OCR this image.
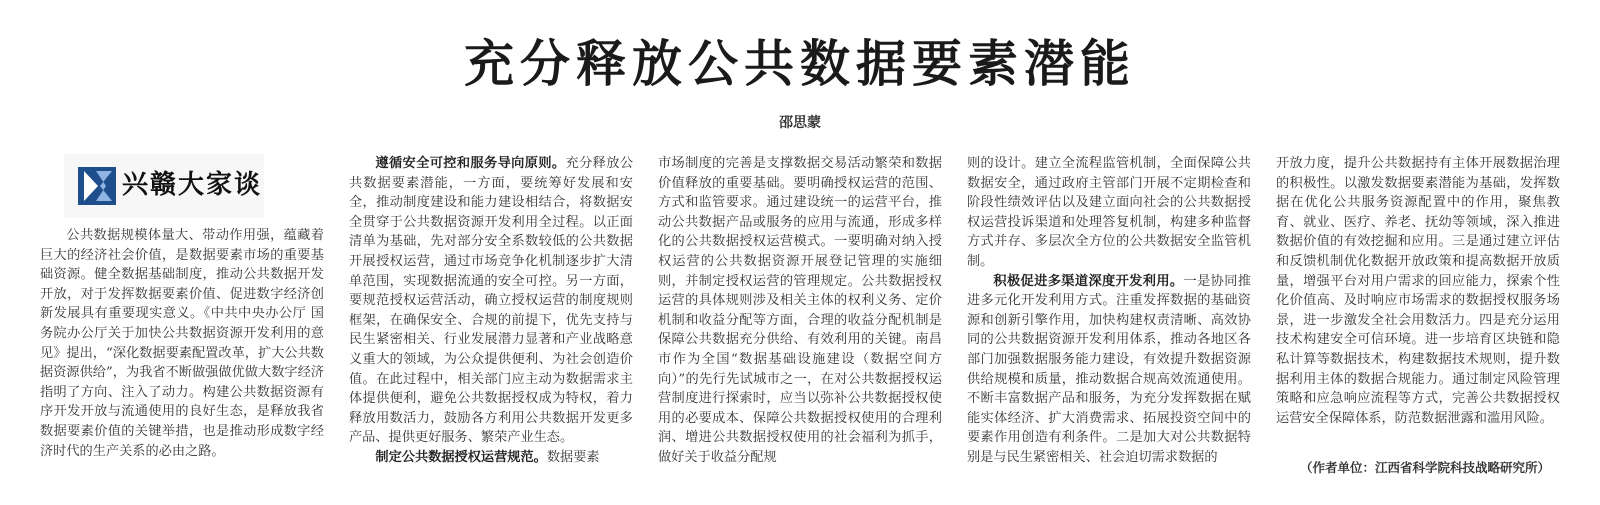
充分释放公共数据要素潜能
邵思蒙
兴赣大家谈

公共数据规模体量大、带动作用强，蕴藏着巨大的经济社会价值，是数据要素市场的重要基础资源。健全数据基础制度，推动公共数据开发开放，对于发挥数据要素价值、促进数字经济创新发展具有重要现实意义。《中共中央办公厅 国务院办公厅关于加快公共数据资源开发利用的意见》提出，“深化数据要素配置改革，扩大公共数据资源供给”，为我省不断做强做优做大数字经济指明了方向、注入了动力。构建公共数据资源有序开发开放与流通使用的良好生态，是释放我省数据要素价值的关键举措，也是推动形成数字经济时代的生产关系的必由之路。

遵循安全可控和服务导向原则。充分释放公共数据要素潜能，一方面，要统筹好发展和安全，推动制度建设和能力建设相结合，将数据安全贯穿于公共数据资源开发利用全过程。以正面清单为基础，先对部分安全系数较低的公共数据开展授权运营，通过市场竞争化机制逐步扩大清单范围，实现数据流通的安全可控。另一方面，要规范授权运营活动，确立授权运营的制度规则框架，在确保安全、合规的前提下，优先支持与民生紧密相关、行业发展潜力显著和产业战略意义重大的领域，为公众提供便利、为社会创造价值。在此过程中，相关部门应主动为数据需求主体提供便利，避免公共数据授权成为特权，着力释放用数活力，鼓励各方利用公共数据开发更多产品、提供更好服务、繁荣产业生态。

制定公共数据授权运营规范。数据要素

市场制度的完善是支撑数据交易活动繁荣和数据价值释放的重要基础。要明确授权运营的范围、方式和监管要求。通过建设统一的运营平台，推动公共数据产品或服务的应用与流通，形成多样化的公共数据授权运营模式。一要明确对纳入授权运营的公共数据资源开展登记管理的实施细则，并制定授权运营的管理规定。公共数据授权运营的具体规则涉及相关主体的权利义务、定价机制和收益分配等方面，合理的收益分配机制是保障公共数据充分供给、有效利用的关键。南昌市作为全国“数据基础设施建设（数据空间方向）”的先行先试城市之一，在对公共数据授权运营制度进行探索时，应当以弥补公共数据授权使用的必要成本、保障公共数据授权使用的合理利润、增进公共数据授权使用的社会福利为抓手，做好关于收益分配规

则的设计。建立全流程监管机制，全面保障公共数据安全，通过政府主管部门开展不定期检查和阶段性绩效评估以及建立面向社会的公共数据授权运营投诉渠道和处理答复机制，构建多种监督方式并存、多层次全方位的公共数据安全监管机制。

积极促进多渠道深度开发利用。一是协同推进多元化开发利用方式。注重发挥数据的基础资源和创新引擎作用，加快构建权责清晰、高效协同的公共数据资源开发利用体系，推动各地区各部门加强数据服务能力建设，有效提升数据资源供给规模和质量，推动数据合规高效流通使用。不断丰富数据产品和服务，为充分发挥数据在赋能实体经济、扩大消费需求、拓展投资空间中的要素作用创造有利条件。二是加大对公共数据特别是与民生紧密相关、社会迫切需求数据的

开放力度，提升公共数据持有主体开展数据治理的积极性。以激发数据要素潜能为基础，发挥数据在优化公共服务资源配置中的作用，聚焦教育、就业、医疗、养老、抚幼等领域，深入推进数据价值的有效挖掘和应用。三是通过建立评估和反馈机制优化数据开放政策和提高数据开放质量，增强平台对用户需求的回应能力，探索个性化价值高、及时响应市场需求的数据授权服务场景，进一步激发全社会用数活力。四是充分运用技术构建安全可信环境。进一步培育区块链和隐私计算等数据技术，构建数据技术规则，提升数据利用主体的数据合规能力。通过制定风险管理策略和应急响应流程等方式，完善公共数据授权运营安全保障体系，防范数据泄露和滥用风险。

（作者单位：江西省科学院科技战略研究所）
